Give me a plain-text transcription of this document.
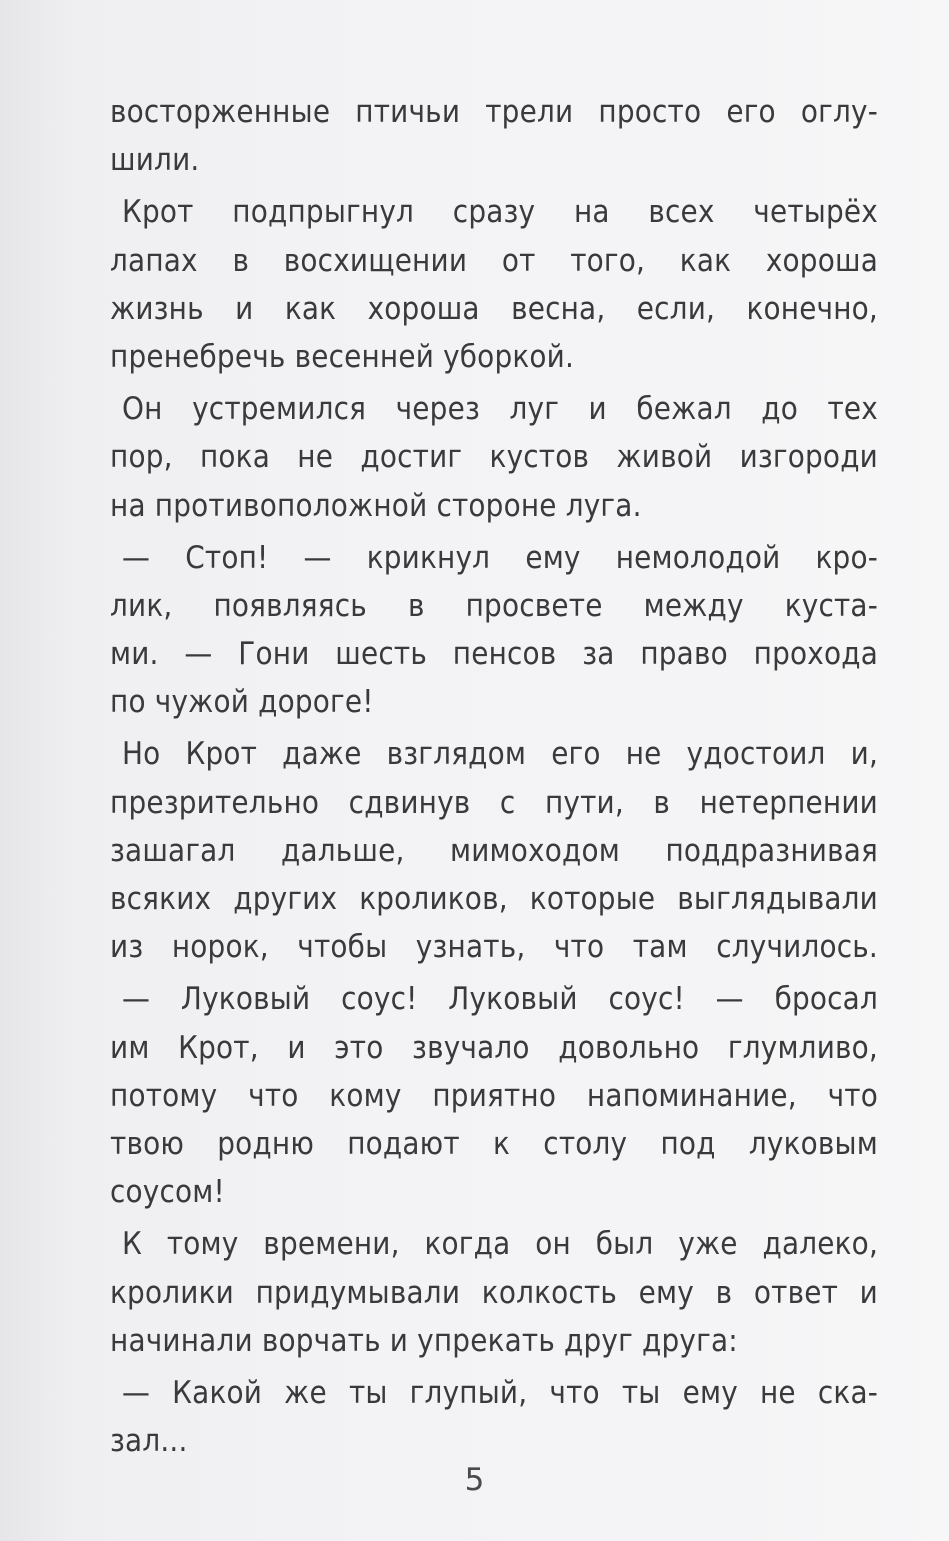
восторженные птичьи трели просто его оглу-
шили.
Крот подпрыгнул сразу на всех четырёх
лапах в восхищении от того, как хороша
жизнь и как хороша весна, если, конечно,
пренебречь весенней уборкой.
Он устремился через луг и бежал до тех
пор, пока не достиг кустов живой изгороди
на противоположной стороне луга.
— Стоп! — крикнул ему немолодой кро-
лик, появляясь в просвете между куста-
ми. — Гони шесть пенсов за право прохода
по чужой дороге!
Но Крот даже взглядом его не удостоил и,
презрительно сдвинув с пути, в нетерпении
зашагал дальше, мимоходом поддразнивая
всяких других кроликов, которые выглядывали
из норок, чтобы узнать, что там случилось.
— Луковый соус! Луковый соус! — бросал
им Крот, и это звучало довольно глумливо,
потому что кому приятно напоминание, что
твою родню подают к столу под луковым
соусом!
К тому времени, когда он был уже далеко,
кролики придумывали колкость ему в ответ и
начинали ворчать и упрекать друг друга:
— Какой же ты глупый, что ты ему не ска-
зал...
5
